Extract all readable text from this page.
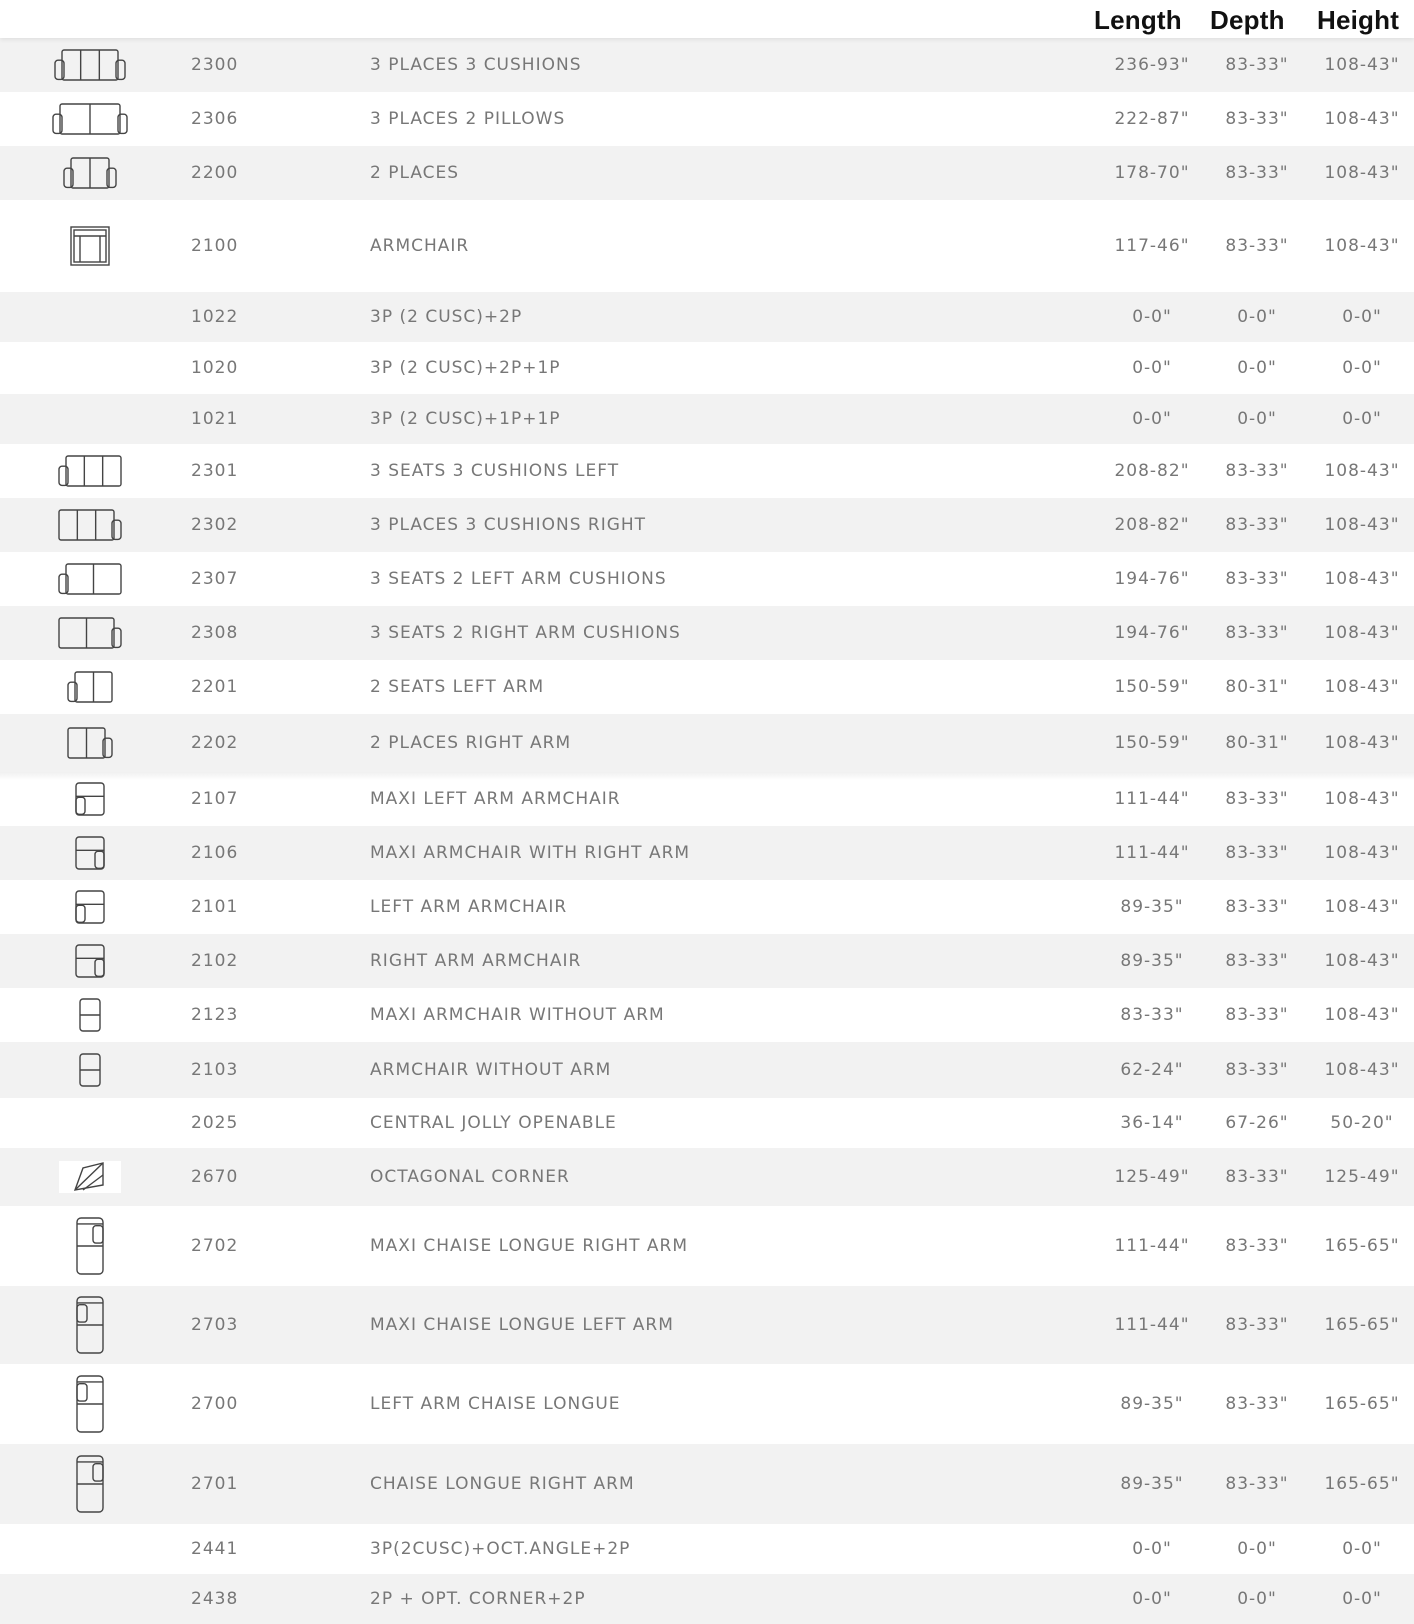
Length Depth Height
2300	3 PLACES 3 CUSHIONS	236-93" 83-33" 108-43"
2306	3 PLACES 2 PILLOWS	222-87" 83-33" 108-43"
2200	2 PLACES	178-70" 83-33" 108-43"
2100	ARMCHAIR	117-46" 83-33" 108-43"
1022	3P (2 CUSC)+2P	0-0"	0-0"	0-0"
1020	3P (2 CUSC)+2P+1P	0-0"	0-0"	0-0"
1021	3P (2 CUSC)+1P+1P	0-0"	0-0"	0-0"
2301	3 SEATS 3 CUSHIONS LEFT	208-82" 83-33" 108-43"
2302	3 PLACES 3 CUSHIONS RIGHT	208-82" 83-33" 108-43"
2307	3 SEATS 2 LEFT ARM CUSHIONS	194-76" 83-33" 108-43"
2308	3 SEATS 2 RIGHT ARM CUSHIONS	194-76" 83-33" 108-43"
2201	2 SEATS LEFT ARM	150-59" 80-31" 108-43"
2202	2 PLACES RIGHT ARM	150-59" 80-31" 108-43"
2107	MAXI LEFT ARM ARMCHAIR	111-44" 83-33" 108-43"
2106	MAXI ARMCHAIR WITH RIGHT ARM	111-44" 83-33" 108-43"
2101	LEFT ARM ARMCHAIR	89-35" 83-33" 108-43"
2102	RIGHT ARM ARMCHAIR	89-35" 83-33" 108-43"
2123	MAXI ARMCHAIR WITHOUT ARM	83-33" 83-33" 108-43"
2103	ARMCHAIR WITHOUT ARM	62-24" 83-33" 108-43"
2025	CENTRAL JOLLY OPENABLE	36-14" 67-26" 50-20"
2670	OCTAGONAL CORNER	125-49" 83-33" 125-49"
2702	MAXI CHAISE LONGUE RIGHT ARM	111-44" 83-33" 165-65"
2703	MAXI CHAISE LONGUE LEFT ARM	111-44" 83-33" 165-65"
2700	LEFT ARM CHAISE LONGUE	89-35" 83-33" 165-65"
2701	CHAISE LONGUE RIGHT ARM	89-35" 83-33" 165-65"
2441	3P(2CUSC)+OCT.ANGLE+2P	0-0"	0-0"	0-0"
2438	2P + OPT. CORNER+2P	0-0"	0-0"	0-0"
